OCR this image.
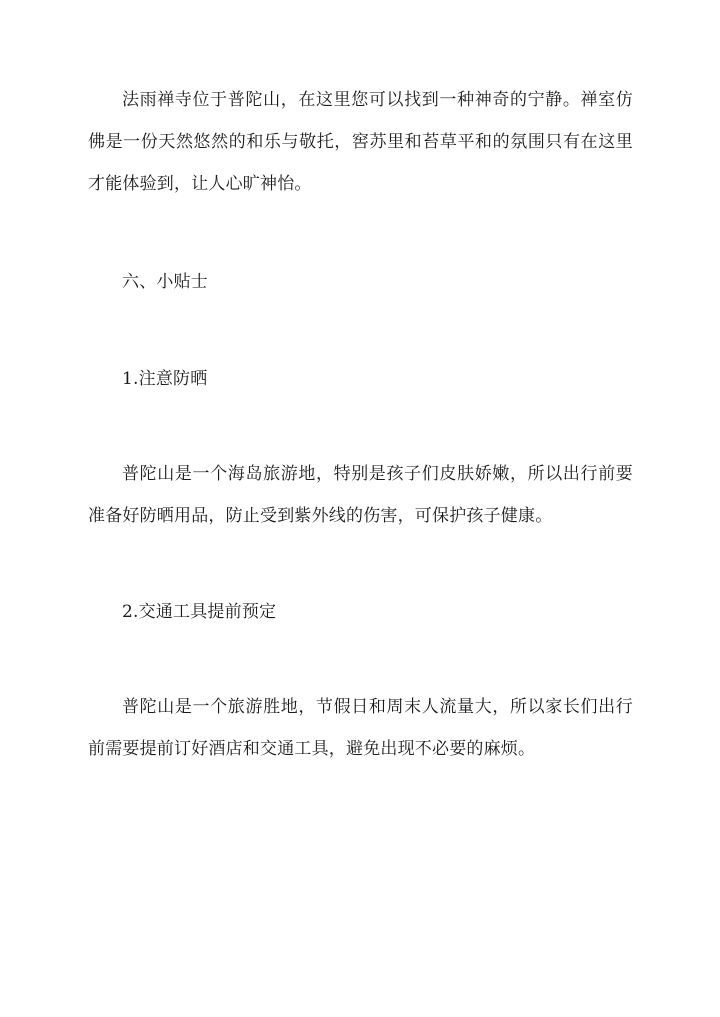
法雨禅寺位于普陀山，在这里您可以找到一种神奇的宁静。禅室仿佛是一份天然悠然的和乐与敬托，窖苏里和苔草平和的氛围只有在这里才能体验到，让人心旷神怡。

六、小贴士

1.注意防晒

普陀山是一个海岛旅游地，特别是孩子们皮肤娇嫩，所以出行前要准备好防晒用品，防止受到紫外线的伤害，可保护孩子健康。

2.交通工具提前预定

普陀山是一个旅游胜地，节假日和周末人流量大，所以家长们出行前需要提前订好酒店和交通工具，避免出现不必要的麻烦。
